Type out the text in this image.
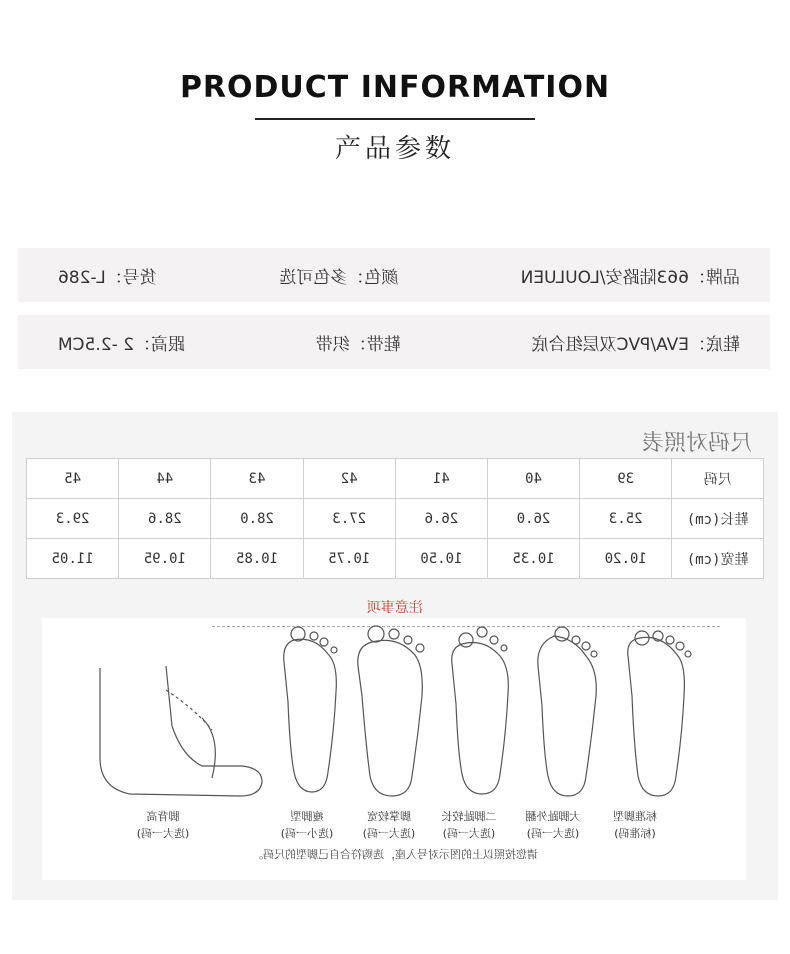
PRODUCT INFORMATION
产品参数
品牌：663陆路安/LOULUEN
颜色：多色可选
货号：L-286
鞋底：EVA/PVC双层组合底
鞋带：织带
跟高：2 -2.5CM
尺码对照表
尺码	39	40	41	42	43	44	45
鞋长(cm)	25.3	26.0	26.6	27.3	28.0	28.6	29.3
鞋宽(cm)	10.20	10.35	10.50	10.75	10.85	10.95	11.05
注意事项
标准脚型
(标准码)
大脚趾外翻
(选大一码)
二脚趾较长
(选大一码)
脚掌较宽
(选大一码)
瘦脚型
(选小一码)
脚背高
(选大一码)
请您按照以上的图示对号入座，选购符合自己脚型的尺码。
